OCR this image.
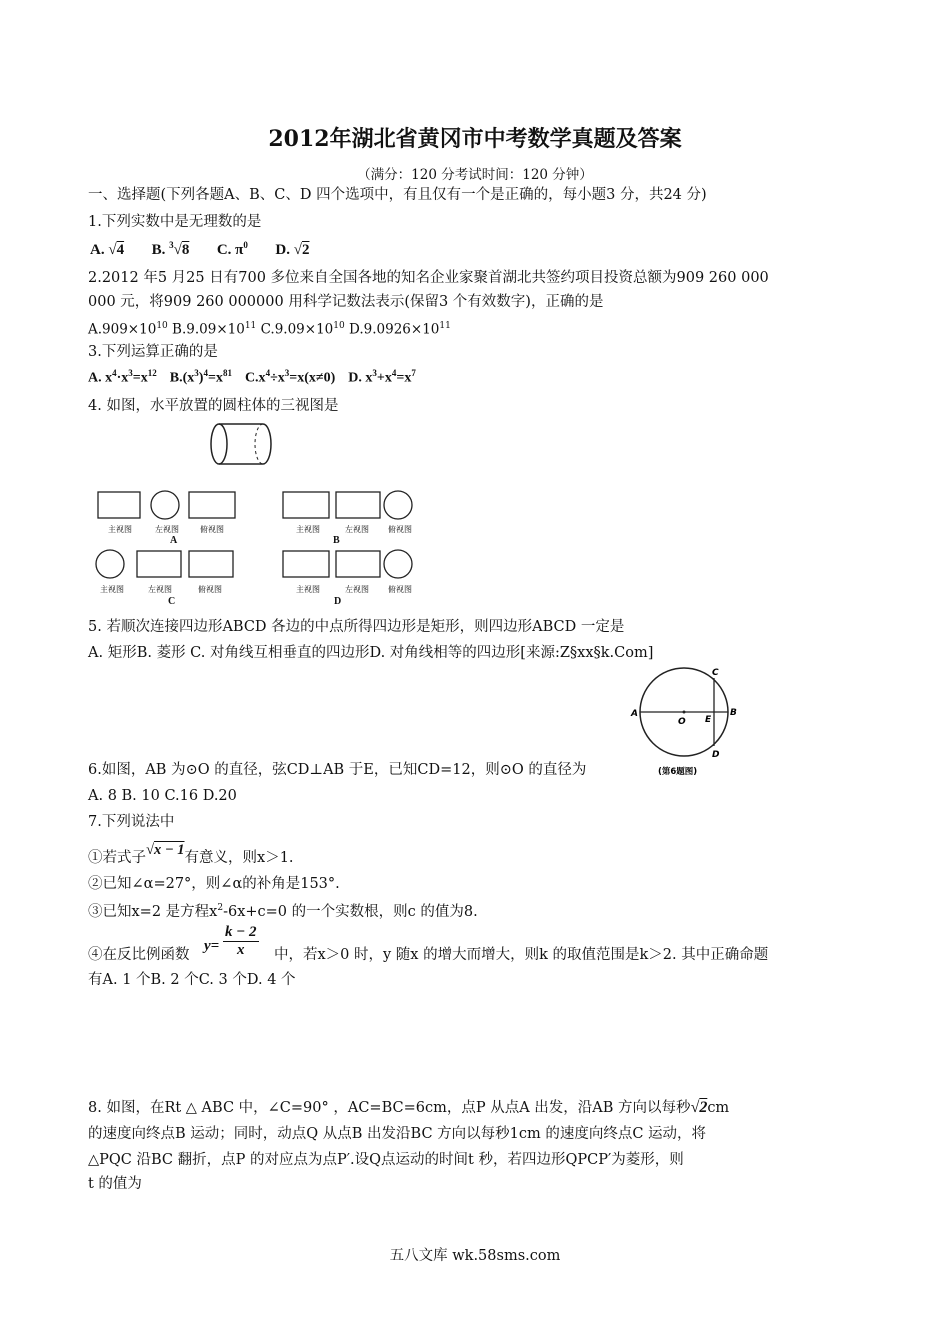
2012年湖北省黄冈市中考数学真题及答案
（满分：120 分考试时间：120 分钟）
一、选择题(下列各题A、B、C、D 四个选项中，有且仅有一个是正确的，每小题3 分，共24 分)
1.下列实数中是无理数的是
A. √4 B. $^3$√8 C. $\pi^0$ D. √2
2.2012 年5 月25 日有700 多位来自全国各地的知名企业家聚首湖北共签约项目投资总额为909 260 000
000 元，将909 260 000000 用科学记数法表示(保留3 个有效数字)，正确的是
$A.909\times 10^{10}$ $B.9.09\times 10^{11}$ $C.9.09\times 10^{10}$ $D.9.0926\times 10^{11}$
3.下列运算正确的是
A. $x^4\cdot x^3=x^{12}$ $B.(x^3)^4=x^{81}$ $C.x^4\div x^3=x(x\ne 0)$ D. $x^3+x^4=x^7$
4. 如图，水平放置的圆柱体的三视图是
主视图	左视图	俯视图
A
主视图	左视图 俯视图
B
主视图	左视图	俯视图
C
主视图	左视图 俯视图
D
5. 若顺次连接四边形ABCD 各边的中点所得四边形是矩形，则四边形ABCD 一定是
A. 矩形B. 菱形 C. 对角线互相垂直的四边形D. 对角线相等的四边形[来源:Z§xx§k.Com]
A
O E
B
C
D
(第6题图)
6.如图，AB 为⊙O 的直径，弦CD⊥AB 于E，已知CD=12，则⊙O 的直径为
A. 8 B. 10 C.16 D.20
7.下列说法中
①若式子√x − 1有意义，则x＞1.
②已知∠α=27°，则∠α的补角是153°.
③已知x=2 是方程$x^2-6x+c=0$ 的一个实数根，则c 的值为8.
④在反比例函数
$y= \frac{k - 2}{x}$ 中，若x＞0 时，y 随x 的增大而增大，则k 的取值范围是k＞2. 其中正确命题
有A. 1 个B. 2 个C. 3 个D. 4 个
8. 如图，在Rt △ ABC 中，∠C=90° ，AC=BC=6cm，点P 从点A 出发，沿AB 方向以每秒√2cm
的速度向终点B 运动；同时，动点Q 从点B 出发沿BC 方向以每秒1cm 的速度向终点C 运动，将
△PQC 沿BC 翻折，点P 的对应点为点P′.设Q点运动的时间t 秒，若四边形QPCP′为菱形，则
t 的值为
五八文库 wk.58sms.com
